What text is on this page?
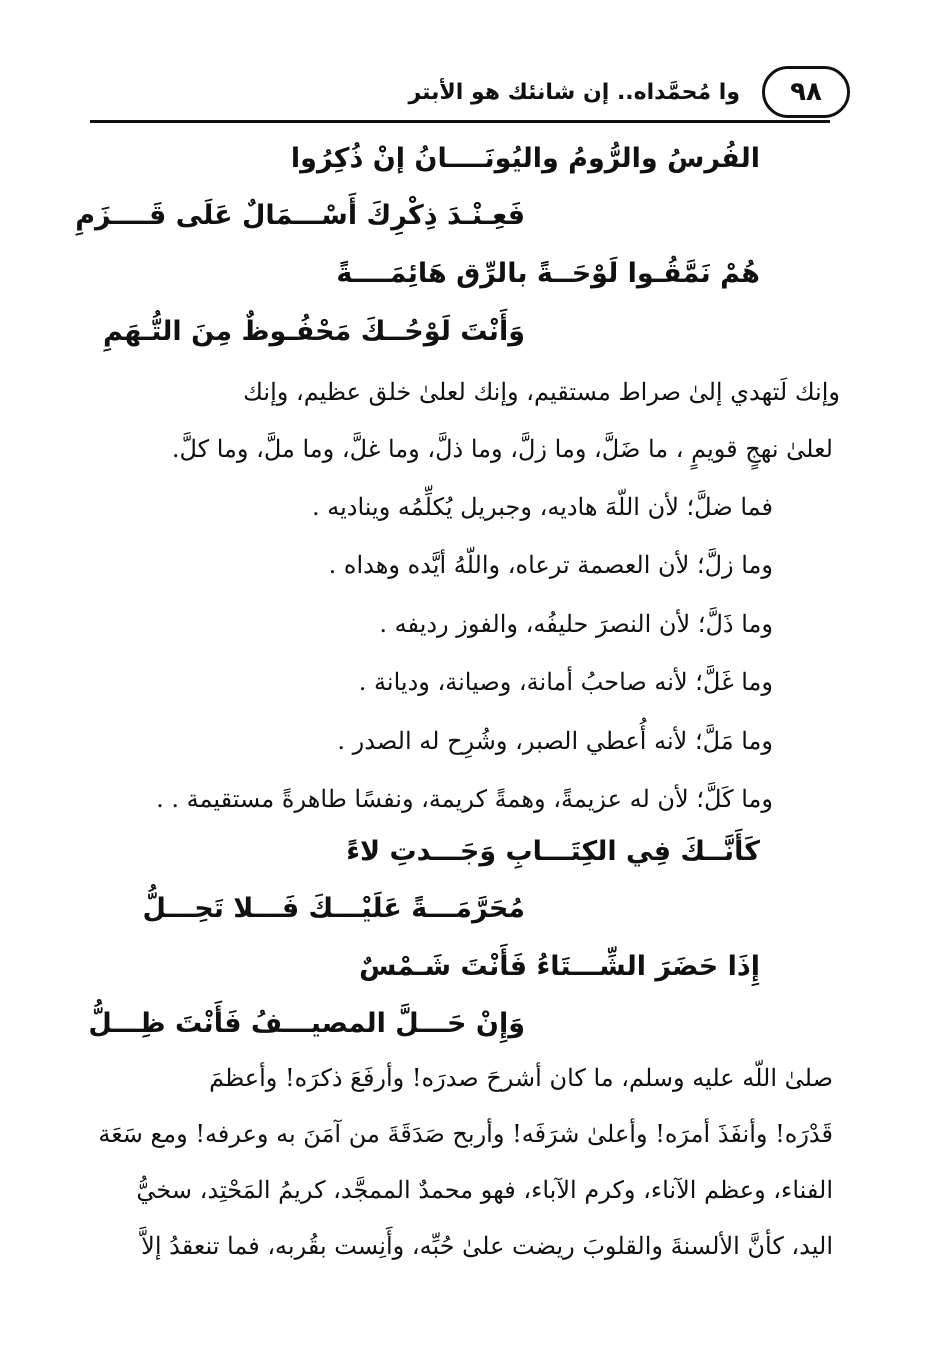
٩٨
وا مُحمَّداه.. إن شانئك هو الأبتر
الفُرسُ والرُّومُ واليُونَــــانُ إنْ ذُكِرُوا
فَعِـنْـدَ ذِكْرِكَ أَسْـــمَالٌ عَلَى قَــــزَمِ
هُمْ نَمَّقُـوا لَوْحَــةً بالرِّق هَائِمَــــةً
وَأَنْتَ لَوْحُــكَ مَحْفُـوظٌ مِنَ التُّـهَمِ
وإنك لَتهدي إلىٰ صراط مستقيم، وإنك لعلىٰ خلق عظيم، وإنك
لعلىٰ نهجٍ قويمٍ ، ما ضَلَّ، وما زلَّ، وما ذلَّ، وما غلَّ، وما ملَّ، وما كلَّ.
فما ضلَّ؛ لأن اللّهَ هاديه، وجبريل يُكلِّمُه ويناديه .
وما زلَّ؛ لأن العصمة ترعاه، واللّهُ أيَّده وهداه .
وما ذَلَّ؛ لأن النصرَ حليفُه، والفوز رديفه .
وما غَلَّ؛ لأنه صاحبُ أمانة، وصيانة، وديانة .
وما مَلَّ؛ لأنه أُعطي الصبر، وشُرِح له الصدر .
وما كَلَّ؛ لأن له عزيمةً، وهمةً كريمة، ونفسًا طاهرةً مستقيمة . .
كَأَنَّــكَ فِي الكِتَـــابِ وَجَـــدتِ لاءً
مُحَرَّمَـــةً عَلَيْـــكَ فَـــلا تَحِـــلُّ
إِذَا حَضَرَ الشِّـــتَاءُ فَأَنْتَ شَـمْسٌ
وَإِنْ حَـــلَّ المصيـــفُ فَأَنْتَ ظِـــلُّ
صلىٰ اللّه عليه وسلم، ما كان أشرحَ صدرَه! وأرفَعَ ذكرَه! وأعظمَ
قَدْرَه! وأنفَذَ أمرَه! وأعلىٰ شرَفَه! وأربح صَدَقَةَ من آمَنَ به وعرفه! ومع سَعَة
الفناء، وعظم الآناء، وكرم الآباء، فهو محمدٌ الممجَّد، كريمُ المَحْتِد، سخيُّ
اليد، كأنَّ الألسنةَ والقلوبَ ريضت علىٰ حُبِّه، وأَنِست بقُربه، فما تنعقدُ إلاَّ
